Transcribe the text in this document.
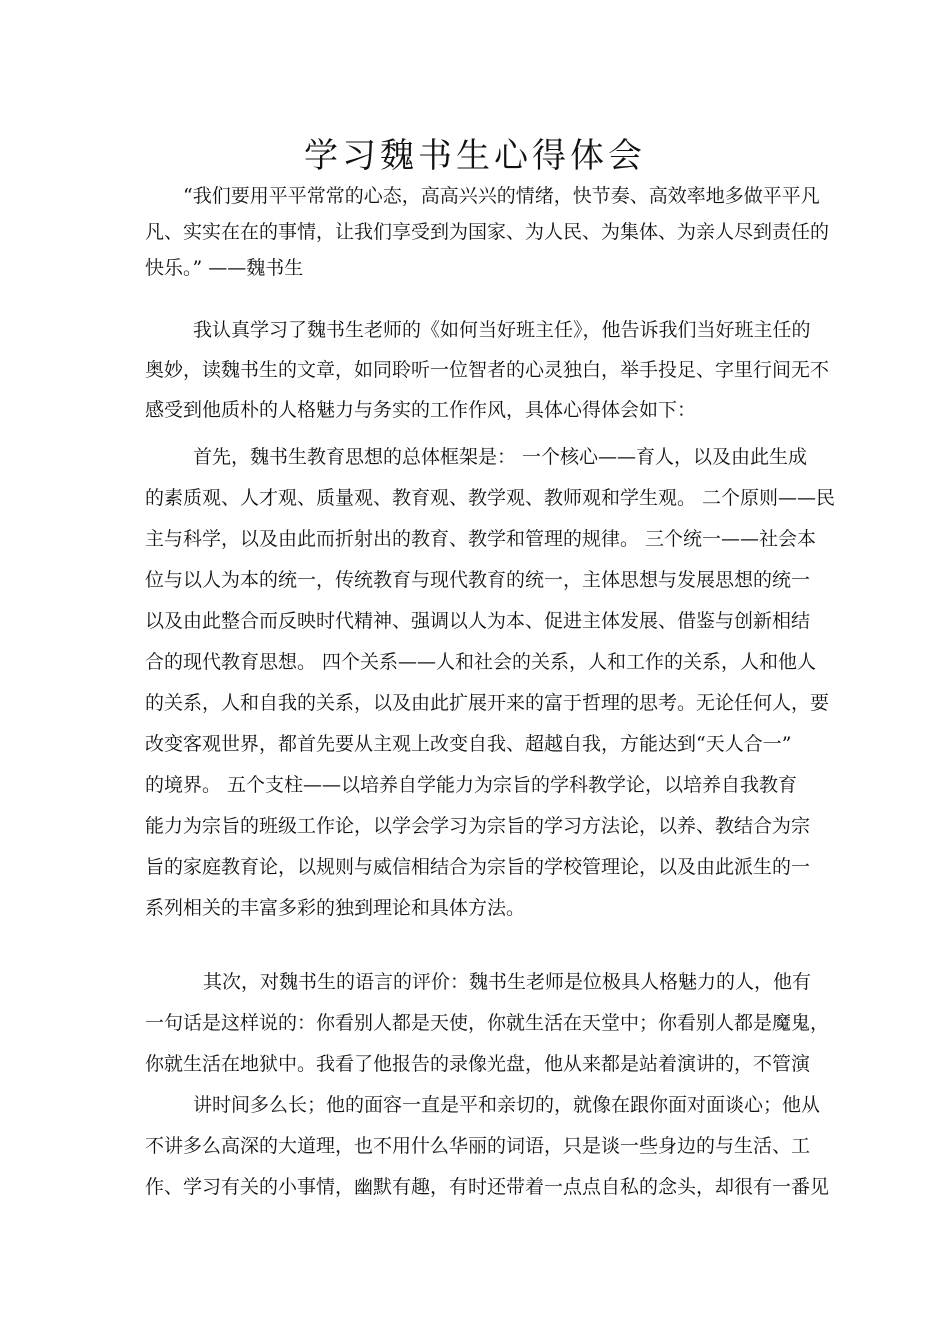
学习魏书生心得体会
“我们要用平平常常的心态，高高兴兴的情绪，快节奏、高效率地多做平平凡
凡、实实在在的事情，让我们享受到为国家、为人民、为集体、为亲人尽到责任的
快乐。” ——魏书生
我认真学习了魏书生老师的《如何当好班主任》，他告诉我们当好班主任的
奥妙，读魏书生的文章，如同聆听一位智者的心灵独白，举手投足、字里行间无不
感受到他质朴的人格魅力与务实的工作作风，具体心得体会如下：
首先，魏书生教育思想的总体框架是： 一个核心——育人，以及由此生成
的素质观、人才观、质量观、教育观、教学观、教师观和学生观。 二个原则——民
主与科学，以及由此而折射出的教育、教学和管理的规律。 三个统一——社会本
位与以人为本的统一，传统教育与现代教育的统一，主体思想与发展思想的统一
以及由此整合而反映时代精神、强调以人为本、促进主体发展、借鉴与创新相结
合的现代教育思想。 四个关系——人和社会的关系，人和工作的关系，人和他人
的关系，人和自我的关系，以及由此扩展开来的富于哲理的思考。无论任何人，要
改变客观世界，都首先要从主观上改变自我、超越自我，方能达到“天人合一”
的境界。 五个支柱——以培养自学能力为宗旨的学科教学论，以培养自我教育
能力为宗旨的班级工作论，以学会学习为宗旨的学习方法论，以养、教结合为宗
旨的家庭教育论，以规则与威信相结合为宗旨的学校管理论，以及由此派生的一
系列相关的丰富多彩的独到理论和具体方法。
其次，对魏书生的语言的评价：魏书生老师是位极具人格魅力的人，他有
一句话是这样说的：你看别人都是天使，你就生活在天堂中；你看别人都是魔鬼，
你就生活在地狱中。我看了他报告的录像光盘，他从来都是站着演讲的，不管演
讲时间多么长；他的面容一直是平和亲切的，就像在跟你面对面谈心；他从
不讲多么高深的大道理，也不用什么华丽的词语，只是谈一些身边的与生活、工
作、学习有关的小事情，幽默有趣，有时还带着一点点自私的念头，却很有一番见
